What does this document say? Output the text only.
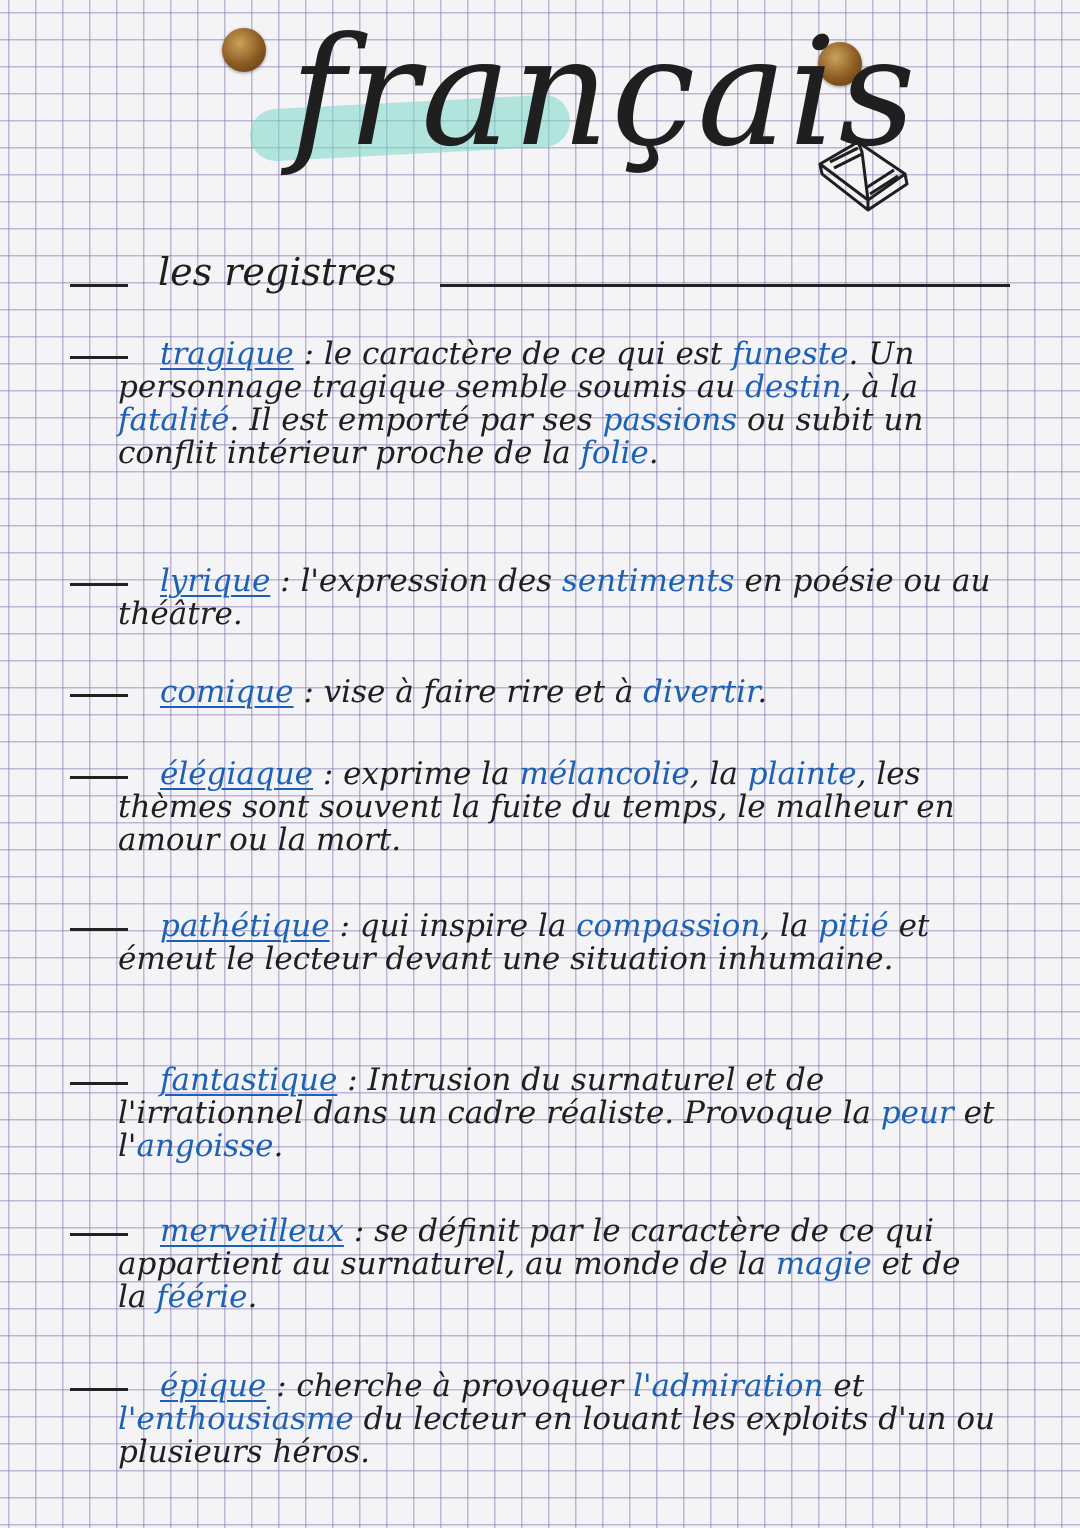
français
les registres
tragique : le caractère de ce qui est funeste. Un personnage tragique semble soumis au destin, à la fatalité. Il est emporté par ses passions ou subit un conflit intérieur proche de la folie.
lyrique : l'expression des sentiments en poésie ou au théâtre.
comique : vise à faire rire et à divertir.
élégiaque : exprime la mélancolie, la plainte, les thèmes sont souvent la fuite du temps, le malheur en amour ou la mort.
pathétique : qui inspire la compassion, la pitié et émeut le lecteur devant une situation inhumaine.
fantastique : Intrusion du surnaturel et de l'irrationnel dans un cadre réaliste. Provoque la peur et l'angoisse.
merveilleux : se définit par le caractère de ce qui appartient au surnaturel, au monde de la magie et de la féérie.
épique : cherche à provoquer l'admiration et l'enthousiasme du lecteur en louant les exploits d'un ou plusieurs héros.
